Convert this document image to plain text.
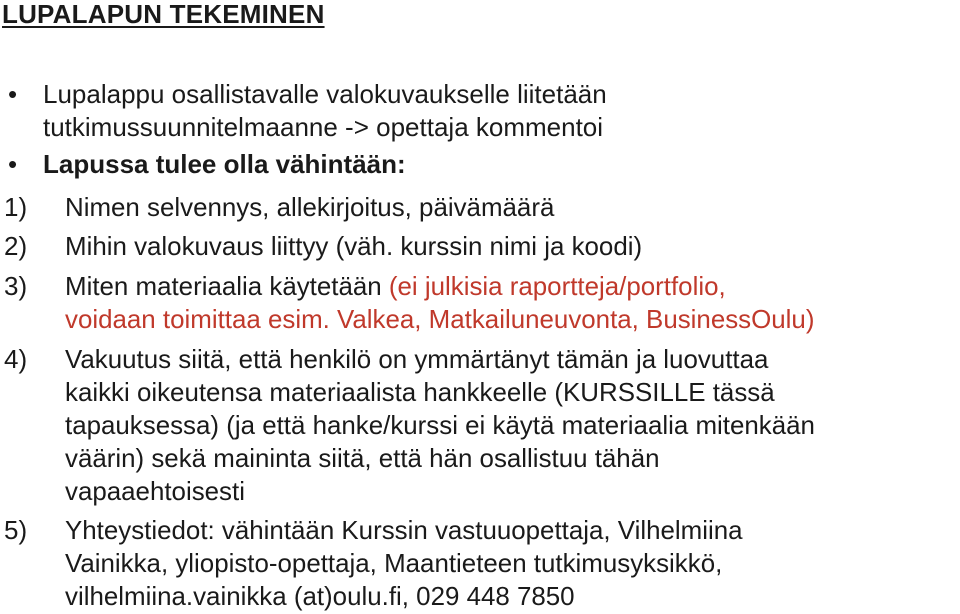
LUPALAPUN TEKEMINEN
• Lupalappu osallistavalle valokuvaukselle liitetään
tutkimussuunnitelmaanne -> opettaja kommentoi
• Lapussa tulee olla vähintään:
1)	Nimen selvennys, allekirjoitus, päivämäärä
2)	Mihin valokuvaus liittyy (väh. kurssin nimi ja koodi)
3)	Miten materiaalia käytetään (ei julkisia raportteja/portfolio,
voidaan toimittaa esim. Valkea, Matkailuneuvonta, BusinessOulu)
4)	Vakuutus siitä, että henkilö on ymmärtänyt tämän ja luovuttaa
kaikki oikeutensa materiaalista hankkeelle (KURSSILLE tässä
tapauksessa) (ja että hanke/kurssi ei käytä materiaalia mitenkään
väärin) sekä maininta siitä, että hän osallistuu tähän
vapaaehtoisesti
5)	Yhteystiedot: vähintään Kurssin vastuuopettaja, Vilhelmiina
Vainikka, yliopisto-opettaja, Maantieteen tutkimusyksikkö,
vilhelmiina.vainikka (at)oulu.fi, 029 448 7850
